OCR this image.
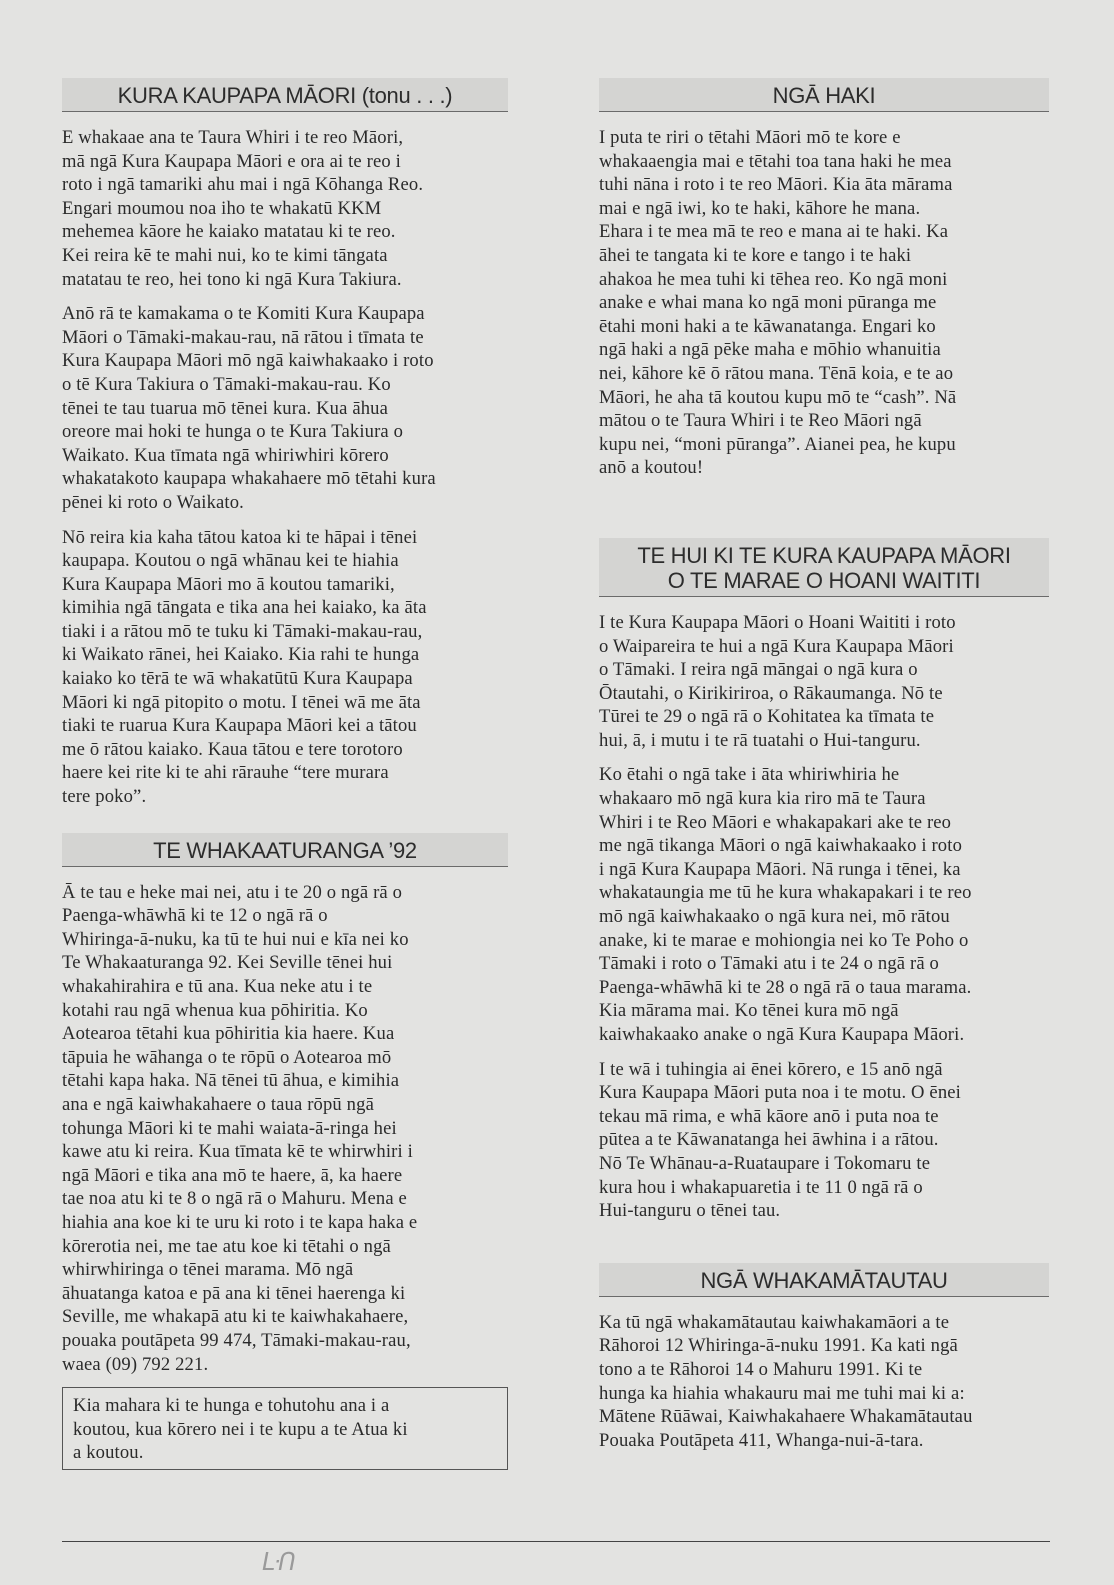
KURA KAUPAPA MĀORI (tonu . . .)

E whakaae ana te Taura Whiri i te reo Māori,
mā ngā Kura Kaupapa Māori e ora ai te reo i
roto i ngā tamariki ahu mai i ngā Kōhanga Reo.
Engari moumou noa iho te whakatū KKM
mehemea kāore he kaiako matatau ki te reo.
Kei reira kē te mahi nui, ko te kimi tāngata
matatau te reo, hei tono ki ngā Kura Takiura.

Anō rā te kamakama o te Komiti Kura Kaupapa
Māori o Tāmaki-makau-rau, nā rātou i tīmata te
Kura Kaupapa Māori mō ngā kaiwhakaako i roto
o tē Kura Takiura o Tāmaki-makau-rau. Ko
tēnei te tau tuarua mō tēnei kura. Kua āhua
oreore mai hoki te hunga o te Kura Takiura o
Waikato. Kua tīmata ngā whiriwhiri kōrero
whakatakoto kaupapa whakahaere mō tētahi kura
pēnei ki roto o Waikato.

Nō reira kia kaha tātou katoa ki te hāpai i tēnei
kaupapa. Koutou o ngā whānau kei te hiahia
Kura Kaupapa Māori mo ā koutou tamariki,
kimihia ngā tāngata e tika ana hei kaiako, ka āta
tiaki i a rātou mō te tuku ki Tāmaki-makau-rau,
ki Waikato rānei, hei Kaiako. Kia rahi te hunga
kaiako ko tērā te wā whakatūtū Kura Kaupapa
Māori ki ngā pitopito o motu. I tēnei wā me āta
tiaki te ruarua Kura Kaupapa Māori kei a tātou
me ō rātou kaiako. Kaua tātou e tere torotoro
haere kei rite ki te ahi rārauhe “tere murara
tere poko”.

TE WHAKAATURANGA ’92

Ā te tau e heke mai nei, atu i te 20 o ngā rā o
Paenga-whāwhā ki te 12 o ngā rā o
Whiringa-ā-nuku, ka tū te hui nui e kīa nei ko
Te Whakaaturanga 92. Kei Seville tēnei hui
whakahirahira e tū ana. Kua neke atu i te
kotahi rau ngā whenua kua pōhiritia. Ko
Aotearoa tētahi kua pōhiritia kia haere. Kua
tāpuia he wāhanga o te rōpū o Aotearoa mō
tētahi kapa haka. Nā tēnei tū āhua, e kimihia
ana e ngā kaiwhakahaere o taua rōpū ngā
tohunga Māori ki te mahi waiata-ā-ringa hei
kawe atu ki reira. Kua tīmata kē te whirwhiri i
ngā Māori e tika ana mō te haere, ā, ka haere
tae noa atu ki te 8 o ngā rā o Mahuru. Mena e
hiahia ana koe ki te uru ki roto i te kapa haka e
kōrerotia nei, me tae atu koe ki tētahi o ngā
whirwhiringa o tēnei marama. Mō ngā
āhuatanga katoa e pā ana ki tēnei haerenga ki
Seville, me whakapā atu ki te kaiwhakahaere,
pouaka poutāpeta 99 474, Tāmaki-makau-rau,
waea (09) 792 221.

Kia mahara ki te hunga e tohutohu ana i a
koutou, kua kōrero nei i te kupu a te Atua ki
a koutou.

NGĀ HAKI

I puta te riri o tētahi Māori mō te kore e
whakaaengia mai e tētahi toa tana haki he mea
tuhi nāna i roto i te reo Māori. Kia āta mārama
mai e ngā iwi, ko te haki, kāhore he mana.
Ehara i te mea mā te reo e mana ai te haki. Ka
āhei te tangata ki te kore e tango i te haki
ahakoa he mea tuhi ki tēhea reo. Ko ngā moni
anake e whai mana ko ngā moni pūranga me
ētahi moni haki a te kāwanatanga. Engari ko
ngā haki a ngā pēke maha e mōhio whanuitia
nei, kāhore kē ō rātou mana. Tēnā koia, e te ao
Māori, he aha tā koutou kupu mō te “cash”. Nā
mātou o te Taura Whiri i te Reo Māori ngā
kupu nei, “moni pūranga”. Aianei pea, he kupu
anō a koutou!

TE HUI KI TE KURA KAUPAPA MĀORI
O TE MARAE O HOANI WAITITI

I te Kura Kaupapa Māori o Hoani Waititi i roto
o Waipareira te hui a ngā Kura Kaupapa Māori
o Tāmaki. I reira ngā māngai o ngā kura o
Ōtautahi, o Kirikiriroa, o Rākaumanga. Nō te
Tūrei te 29 o ngā rā o Kohitatea ka tīmata te
hui, ā, i mutu i te rā tuatahi o Hui-tanguru.

Ko ētahi o ngā take i āta whiriwhiria he
whakaaro mō ngā kura kia riro mā te Taura
Whiri i te Reo Māori e whakapakari ake te reo
me ngā tikanga Māori o ngā kaiwhakaako i roto
i ngā Kura Kaupapa Māori. Nā runga i tēnei, ka
whakataungia me tū he kura whakapakari i te reo
mō ngā kaiwhakaako o ngā kura nei, mō rātou
anake, ki te marae e mohiongia nei ko Te Poho o
Tāmaki i roto o Tāmaki atu i te 24 o ngā rā o
Paenga-whāwhā ki te 28 o ngā rā o taua marama.
Kia mārama mai. Ko tēnei kura mō ngā
kaiwhakaako anake o ngā Kura Kaupapa Māori.

I te wā i tuhingia ai ēnei kōrero, e 15 anō ngā
Kura Kaupapa Māori puta noa i te motu. O ēnei
tekau mā rima, e whā kāore anō i puta noa te
pūtea a te Kāwanatanga hei āwhina i a rātou.
Nō Te Whānau-a-Ruataupare i Tokomaru te
kura hou i whakapuaretia i te 11 0 ngā rā o
Hui-tanguru o tēnei tau.

NGĀ WHAKAMĀTAUTAU

Ka tū ngā whakamātautau kaiwhakamāori a te
Rāhoroi 12 Whiringa-ā-nuku 1991. Ka kati ngā
tono a te Rāhoroi 14 o Mahuru 1991. Ki te
hunga ka hiahia whakauru mai me tuhi mai ki a:
Mātene Rūāwai, Kaiwhakahaere Whakamātautau
Pouaka Poutāpeta 411, Whanga-nui-ā-tara.

ᒷᑎ
